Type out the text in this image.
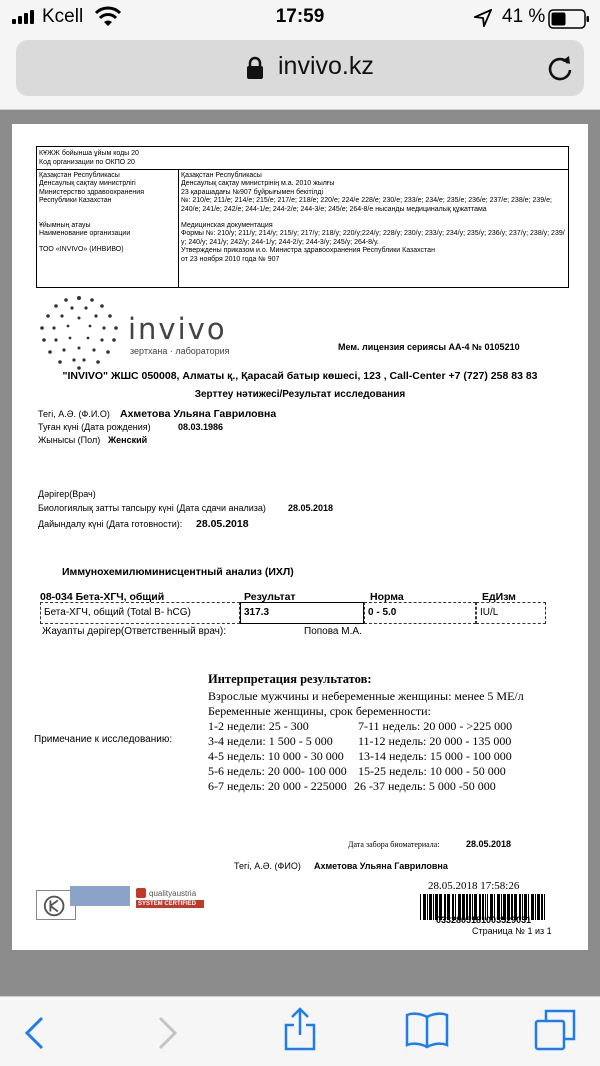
Kcell	17:59	41 %
invivo.kz
КҰЖЖ бойынша ұйым коды 20
Код организации по ОКПО 20
Қазақстан Республикасы
Денсаулық сақтау министрлігі
Министерство здравоохранения
Республики Казахстан
Ұйымның атауы
Наименование организации
ТОО «INVIVO» (ИНВИВО)
Қазақстан Республикасы
Денсаулық сақтау министрінің м.а. 2010 жылғы
23 қарашадағы №907 бұйрығымен бекітілді
№: 210/е; 211/е; 214/е; 215/е; 217/е; 218/е; 220/е; 224/е 228/е; 230/е; 233/е; 234/е; 235/е; 236/е; 237/е; 238/е; 239/е; 240/е; 241/е; 242/е; 244-1/е; 244-2/е; 244-3/е; 245/е; 264-8/е нысанды медициналық құжаттама
Медицинская документация
Формы №: 210/у; 211/у; 214/у; 215/у; 217/у; 218/у; 220/у;224/у; 228/у; 230/у; 233/у; 234/у; 235/у; 236/у; 237/у; 238/у; 239/у; 240/у; 241/у; 242/у; 244-1/у; 244-2/у; 244-3/у; 245/у; 264-8/у.
Утверждены приказом и.о. Министра здравоохранения Республики Казахстан
от 23 ноября 2010 года № 907
invivo
зертхана · лаборатория	Мем. лицензия сериясы АА-4 № 0105210
"INVIVO" ЖШС 050008, Алматы қ., Қарасай батыр көшесі, 123 , Call-Center +7 (727) 258 83 83
Зерттеу нәтижесі/Результат исследования
Тегі, А.Ә. (Ф.И.О) Ахметова Ульяна Гавриловна
Туған күні (Дата рождения)	08.03.1986
Жынысы (Пол) Женский
Дәрігер(Врач)
Биологиялық затты тапсыру күні (Дата сдачи анализа) 28.05.2018
Дайындалу күні (Дата готовности): 28.05.2018
Иммунохемилюминисцентный анализ (ИХЛ)
08-034 Бета-ХГЧ, общий	Результат	Норма	ЕдИзм
Бета-ХГЧ, общий (Total B- hCG)	317.3	0 - 5.0	IU/L
Жауапты дәрігер(Ответственный врач):	Попова М.А.
Интерпретация результатов:
Взрослые мужчины и небеременные женщины: менее 5 МЕ/л
Беременные женщины, срок беременности:
1-2 недели: 25 - 300	7-11 недель: 20 000 - >225 000
3-4 недели: 1 500 - 5 000 11-12 недель: 20 000 - 135 000
4-5 недель: 10 000 - 30 000 13-14 недель: 15 000 - 100 000
5-6 недель: 20 000- 100 000 15-25 недель: 10 000 - 50 000
6-7 недель: 20 000 - 225000 26 -37 недель: 5 000 -50 000
Примечание к исследованию:
Дата забора биоматериала:	28.05.2018
Тегі, А.Ә. (ФИО) Ахметова Ульяна Гавриловна
qualityaustria
SYSTEM CERTIFIED
28.05.2018 17:58:26
0332805181003529031
Страница № 1 из 1
